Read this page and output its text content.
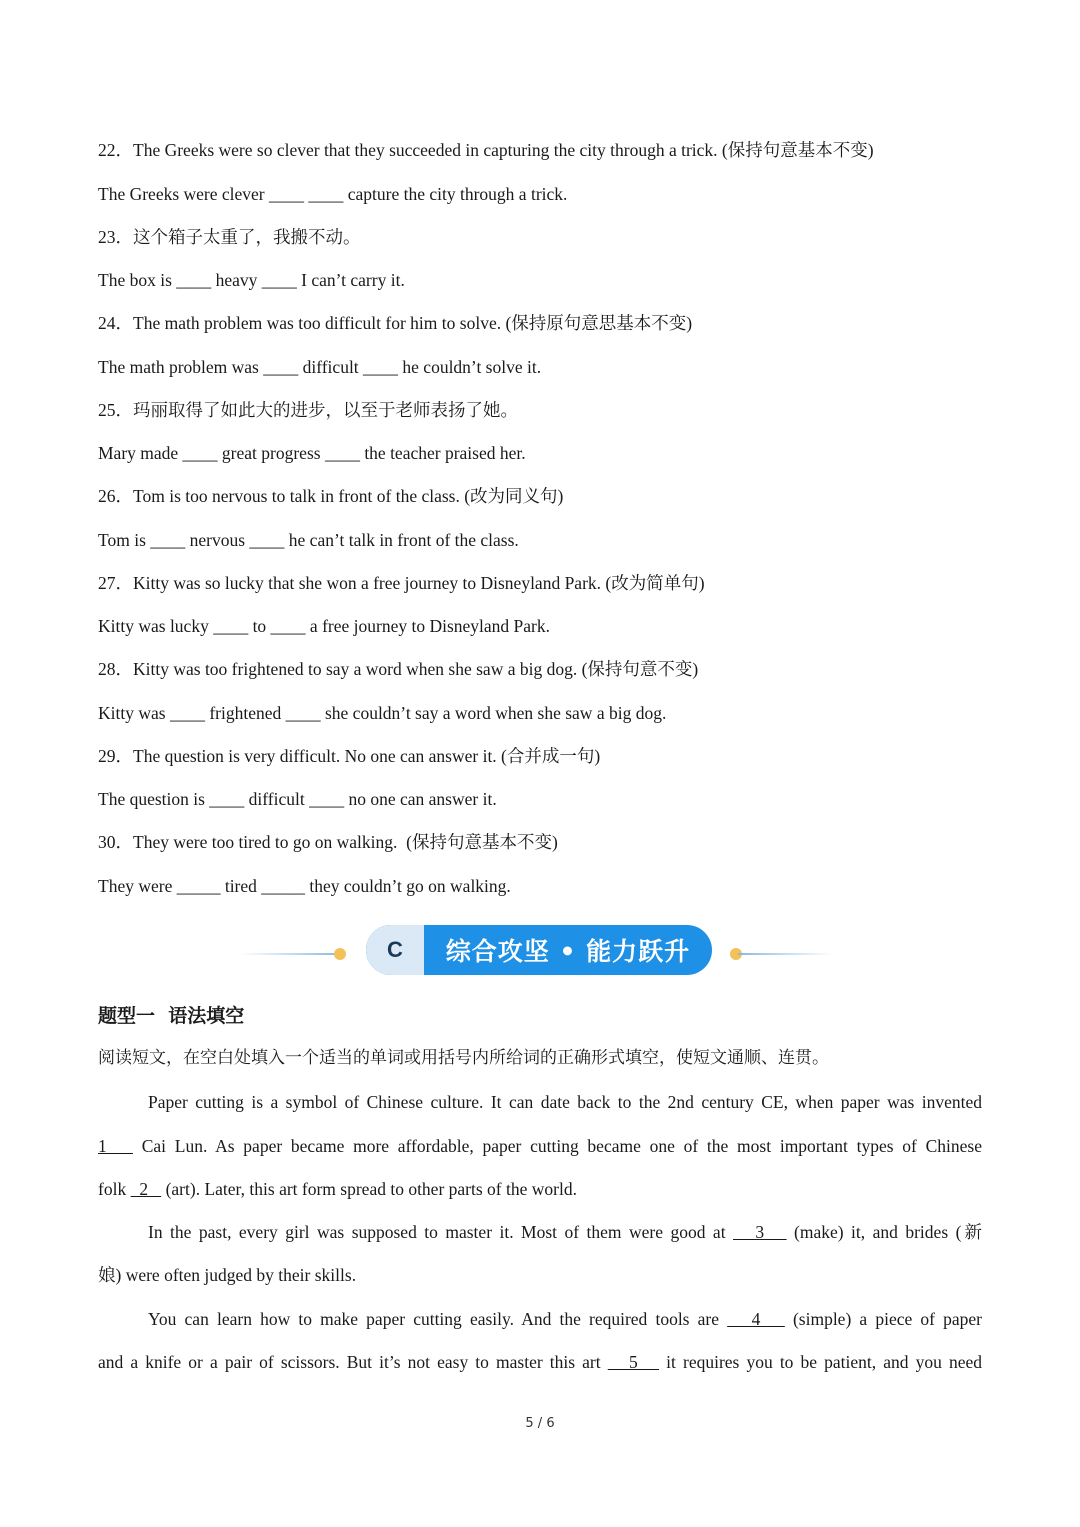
22．The Greeks were so clever that they succeeded in capturing the city through a trick. (保持句意基本不变)
The Greeks were clever ____ ____ capture the city through a trick.
23．这个箱子太重了，我搬不动。
The box is ____ heavy ____ I can’t carry it.
24．The math problem was too difficult for him to solve. (保持原句意思基本不变)
The math problem was ____ difficult ____ he couldn’t solve it.
25．玛丽取得了如此大的进步，以至于老师表扬了她。
Mary made ____ great progress ____ the teacher praised her.
26．Tom is too nervous to talk in front of the class. (改为同义句)
Tom is ____ nervous ____ he can’t talk in front of the class.
27．Kitty was so lucky that she won a free journey to Disneyland Park. (改为简单句)
Kitty was lucky ____ to ____ a free journey to Disneyland Park.
28．Kitty was too frightened to say a word when she saw a big dog. (保持句意不变)
Kitty was ____ frightened ____ she couldn’t say a word when she saw a big dog.
29．The question is very difficult. No one can answer it. (合并成一句)
The question is ____ difficult ____ no one can answer it.
30．They were too tired to go on walking.  (保持句意基本不变)
They were _____ tired _____ they couldn’t go on walking.
C	综合攻坚 • 能力跃升
题型一  语法填空
阅读短文，在空白处填入一个适当的单词或用括号内所给词的正确形式填空，使短文通顺、连贯。
Paper cutting is a symbol of Chinese culture. It can date back to the 2nd century CE, when paper was invented
1    Cai Lun. As paper became more affordable, paper cutting became one of the most important types of Chinese
folk   2    (art). Later, this art form spread to other parts of the world.
In the past, every girl was supposed to master it. Most of them were good at    3    (make) it, and brides (新
娘) were often judged by their skills.
You can learn how to make paper cutting easily. And the required tools are    4    (simple) a piece of paper
and a knife or a pair of scissors. But it’s not easy to master this art    5    it requires you to be patient, and you need
5 / 6
